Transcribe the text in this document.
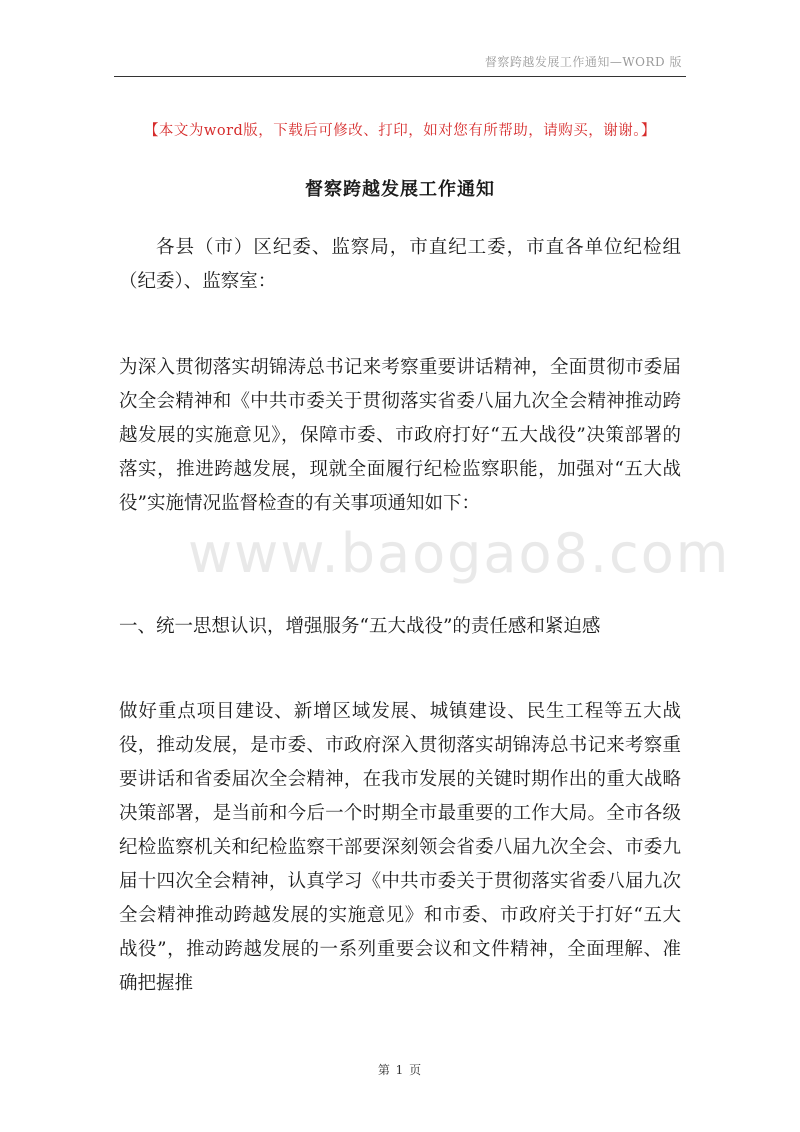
督察跨越发展工作通知—WORD 版
【本文为word版，下载后可修改、打印，如对您有所帮助，请购买，谢谢。】
督察跨越发展工作通知

各县（市）区纪委、监察局，市直纪工委，市直各单位纪检组（纪委）、监察室：

为深入贯彻落实胡锦涛总书记来考察重要讲话精神，全面贯彻市委届次全会精神和《中共市委关于贯彻落实省委八届九次全会精神推动跨越发展的实施意见》，保障市委、市政府打好“五大战役”决策部署的落实，推进跨越发展，现就全面履行纪检监察职能，加强对“五大战役”实施情况监督检查的有关事项通知如下：

www.baogao8.com

一、统一思想认识，增强服务“五大战役”的责任感和紧迫感

做好重点项目建设、新增区域发展、城镇建设、民生工程等五大战役，推动发展，是市委、市政府深入贯彻落实胡锦涛总书记来考察重要讲话和省委届次全会精神，在我市发展的关键时期作出的重大战略决策部署，是当前和今后一个时期全市最重要的工作大局。全市各级纪检监察机关和纪检监察干部要深刻领会省委八届九次全会、市委九届十四次全会精神，认真学习《中共市委关于贯彻落实省委八届九次全会精神推动跨越发展的实施意见》和市委、市政府关于打好“五大战役”，推动跨越发展的一系列重要会议和文件精神，全面理解、准确把握推

第 1 页
